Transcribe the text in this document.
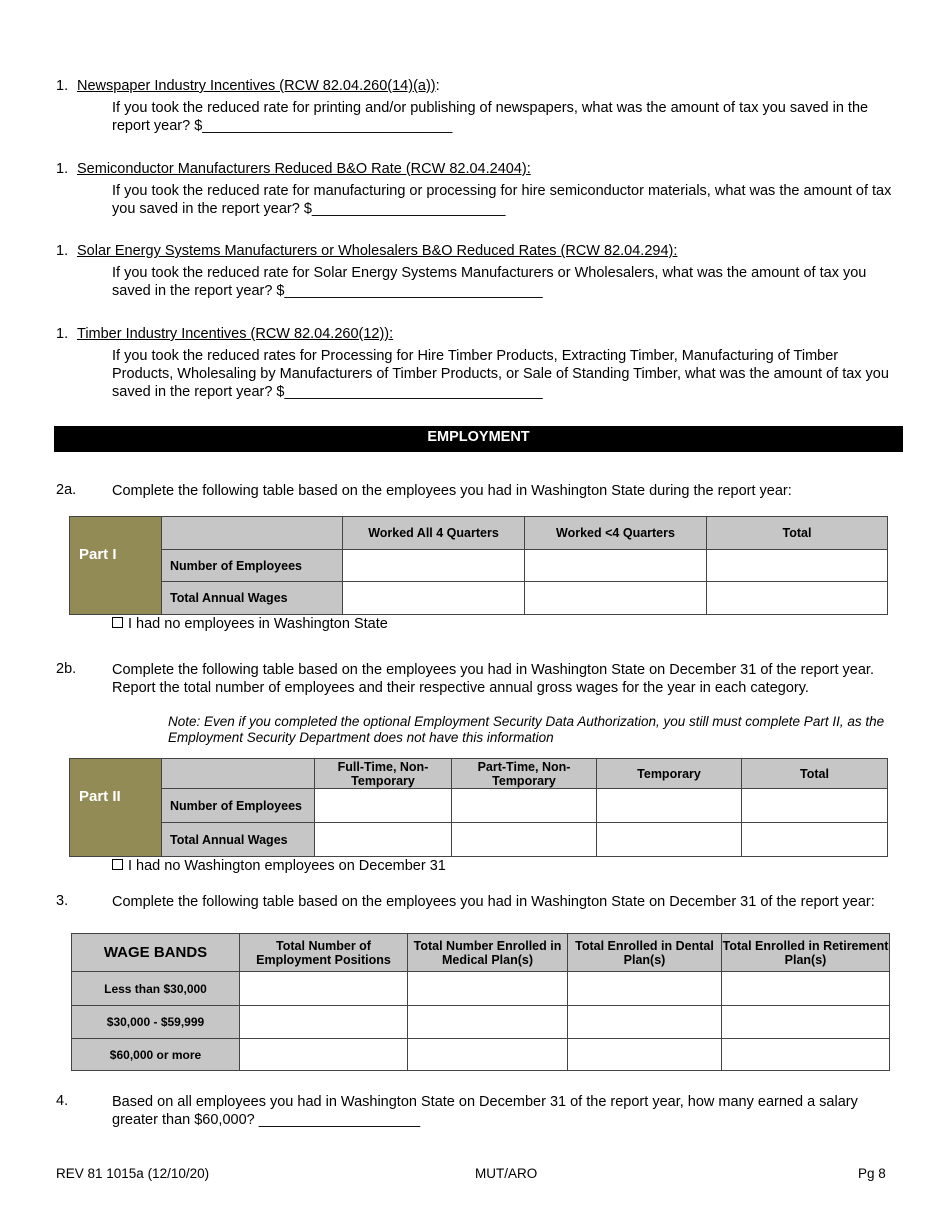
1. Newspaper Industry Incentives (RCW 82.04.260(14)(a)):
If you took the reduced rate for printing and/or publishing of newspapers, what was the amount of tax you saved in the report year? $_______________________________
1. Semiconductor Manufacturers Reduced B&O Rate (RCW 82.04.2404):
If you took the reduced rate for manufacturing or processing for hire semiconductor materials, what was the amount of tax you saved in the report year? $________________________
1. Solar Energy Systems Manufacturers or Wholesalers B&O Reduced Rates (RCW 82.04.294):
If you took the reduced rate for Solar Energy Systems Manufacturers or Wholesalers, what was the amount of tax you saved in the report year? $________________________________
1. Timber Industry Incentives (RCW 82.04.260(12)):
If you took the reduced rates for Processing for Hire Timber Products, Extracting Timber, Manufacturing of Timber Products, Wholesaling by Manufacturers of Timber Products, or Sale of Standing Timber, what was the amount of tax you saved in the report year? $________________________________
EMPLOYMENT
2a. Complete the following table based on the employees you had in Washington State during the report year:
Part I		Worked All 4 Quarters	Worked <4 Quarters	Total
	Number of Employees			
	Total Annual Wages			
I had no employees in Washington State
2b. Complete the following table based on the employees you had in Washington State on December 31 of the report year. Report the total number of employees and their respective annual gross wages for the year in each category.
Note: Even if you completed the optional Employment Security Data Authorization, you still must complete Part II, as the Employment Security Department does not have this information
Part II		Full-Time, Non-Temporary	Part-Time, Non-Temporary	Temporary	Total
	Number of Employees				
	Total Annual Wages				
I had no Washington employees on December 31
3.	Complete the following table based on the employees you had in Washington State on December 31 of the report year:
WAGE BANDS	Total Number of Employment Positions	Total Number Enrolled in Medical Plan(s)	Total Enrolled in Dental Plan(s)	Total Enrolled in Retirement Plan(s)
Less than $30,000				
$30,000 - $59,999				
$60,000 or more				
4.	Based on all employees you had in Washington State on December 31 of the report year, how many earned a salary greater than $60,000? ____________________
REV 81 1015a (12/10/20)	MUT/ARO	Pg 8
